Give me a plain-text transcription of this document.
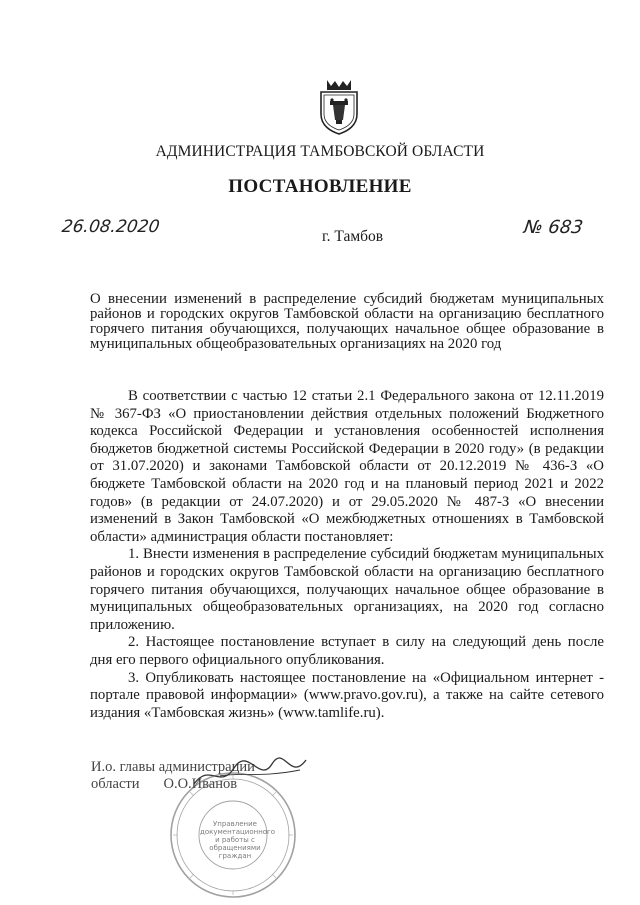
АДМИНИСТРАЦИЯ ТАМБОВСКОЙ ОБЛАСТИ
ПОСТАНОВЛЕНИЕ
26.08.2020	г. Тамбов	№ 683
О внесении изменений в распределение субсидий бюджетам муниципальных районов и городских округов Тамбовской области на организацию бесплатного горячего питания обучающихся, получающих начальное общее образование в муниципальных общеобразовательных организациях на 2020 год

В соответствии с частью 12 статьи 2.1 Федерального закона от 12.11.2019 № 367-ФЗ «О приостановлении действия отдельных положений Бюджетного кодекса Российской Федерации и установления особенностей исполнения бюджетов бюджетной системы Российской Федерации в 2020 году» (в редакции от 31.07.2020) и законами Тамбовской области от 20.12.2019 № 436-З «О бюджете Тамбовской области на 2020 год и на плановый период 2021 и 2022 годов» (в редакции от 24.07.2020) и от 29.05.2020 № 487-З «О внесении изменений в Закон Тамбовской «О межбюджетных отношениях в Тамбовской области» администрация области постановляет:

1. Внести изменения в распределение субсидий бюджетам муниципальных районов и городских округов Тамбовской области на организацию бесплатного горячего питания обучающихся, получающих начальное общее образование в муниципальных общеобразовательных организациях, на 2020 год согласно приложению.

2. Настоящее постановление вступает в силу на следующий день после дня его первого официального опубликования.

3. Опубликовать настоящее постановление на «Официальном интернет - портале правовой информации» (www.pravo.gov.ru), а также на сайте сетевого издания «Тамбовская жизнь» (www.tamlife.ru).

И.о. главы администрации
области О.О.Иванов
Управление документационного и работы с обращениями граждан
